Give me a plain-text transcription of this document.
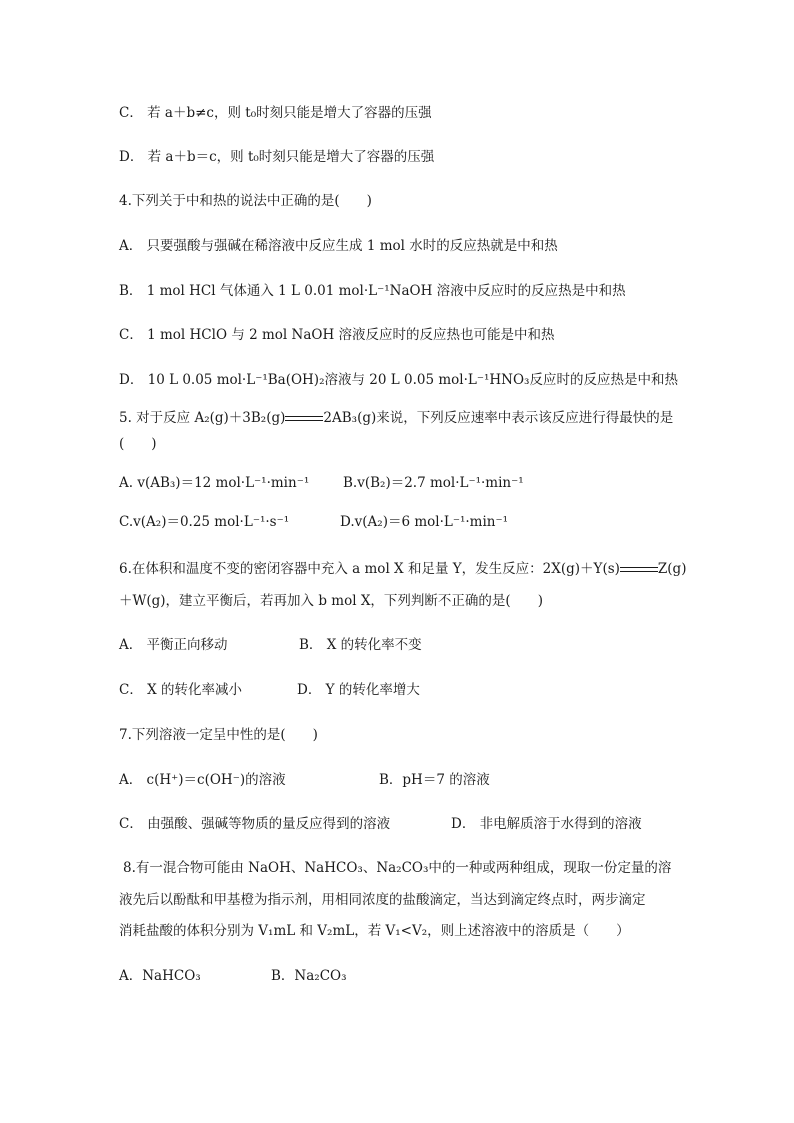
C． 若 a＋b≠c，则 t₀时刻只能是增大了容器的压强
D． 若 a＋b＝c，则 t₀时刻只能是增大了容器的压强
4.下列关于中和热的说法中正确的是(　　)
A． 只要强酸与强碱在稀溶液中反应生成 1 mol 水时的反应热就是中和热
B． 1 mol HCl 气体通入 1 L 0.01 mol·L⁻¹NaOH 溶液中反应时的反应热是中和热
C． 1 mol HClO 与 2 mol NaOH 溶液反应时的反应热也可能是中和热
D． 10 L 0.05 mol·L⁻¹Ba(OH)₂溶液与 20 L 0.05 mol·L⁻¹HNO₃反应时的反应热是中和热
5. 对于反应 A₂(g)＋3B₂(g)	2AB₃(g)来说，下列反应速率中表示该反应进行得最快的是
(　　)
A. v(AB₃)＝12 mol·L⁻¹·min⁻¹	B.v(B₂)＝2.7 mol·L⁻¹·min⁻¹
C.v(A₂)＝0.25 mol·L⁻¹·s⁻¹	D.v(A₂)＝6 mol·L⁻¹·min⁻¹
6.在体积和温度不变的密闭容器中充入 a mol X 和足量 Y，发生反应：2X(g)＋Y(s)	Z(g)
＋W(g)，建立平衡后，若再加入 b mol X，下列判断不正确的是(　　)
A． 平衡正向移动	B． X 的转化率不变
C． X 的转化率减小	D． Y 的转化率增大
7.下列溶液一定呈中性的是(　　)
A． c(H⁺)＝c(OH⁻)的溶液	B．pH＝7 的溶液
C． 由强酸、强碱等物质的量反应得到的溶液	D． 非电解质溶于水得到的溶液
8.有一混合物可能由 NaOH、NaHCO₃、Na₂CO₃中的一种或两种组成，现取一份定量的溶
液先后以酚酞和甲基橙为指示剂，用相同浓度的盐酸滴定，当达到滴定终点时，两步滴定
消耗盐酸的体积分别为 V₁mL 和 V₂mL，若 V₁<V₂，则上述溶液中的溶质是（　　）
A．NaHCO₃	B．Na₂CO₃
